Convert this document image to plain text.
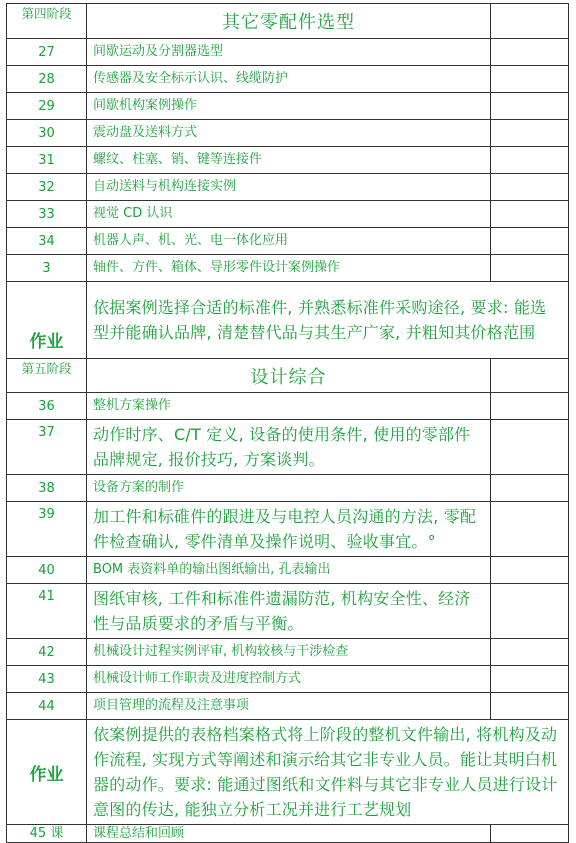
第四阶段	其它零配件选型	
27	间歇运动及分割器选型	
28	传感器及安全标示认识、线缆防护	
29	间歇机构案例操作	
30	震动盘及送料方式	
31	螺纹、柱塞、销、键等连接件	
32	自动送料与机构连接实例	
33	视觉 CD 认识	
34	机器人声、机、光、电一体化应用	
3	轴件、方件、箱体、导形零件设计案例操作	
作业	依据案例选择合适的标准件, 并熟悉标准件采购途径, 要求: 能选型并能确认品牌, 清楚替代品与其生产广家, 并粗知其价格范围	
第五阶段	设计综合	
36	整机方案操作	
37	动作时序、C/T 定义, 设备的使用条件, 使用的零部件品牌规定, 报价技巧, 方案谈判。	
38	设备方案的制作	
39	加工件和标碓件的跟进及与电控人员沟通的方法, 零配件检查确认, 零件清单及操作说明、验收事宜。°	
40	BOM 表资料单的输出图纸输出, 孔表输出	
41	图纸审核, 工件和标准件遗漏防范, 机构安全性、经济性与品质要求的矛盾与平衡。	
42	机械设计过程实例评审, 机构较核与干涉检查	
43	机械设计师工作职责及进度控制方式	
44	项目管理的流程及注意事项	
作业	依案例提供的表格档案格式将上阶段的整机文件输出, 将机构及动作流程, 实现方式等阐述和演示给其它非专业人员。能让其明白机器的动作。要求: 能通过图纸和文件料与其它非专业人员进行设计意图的传达, 能独立分析工况并进行工艺规划	
45 课	课程总结和回顾	
